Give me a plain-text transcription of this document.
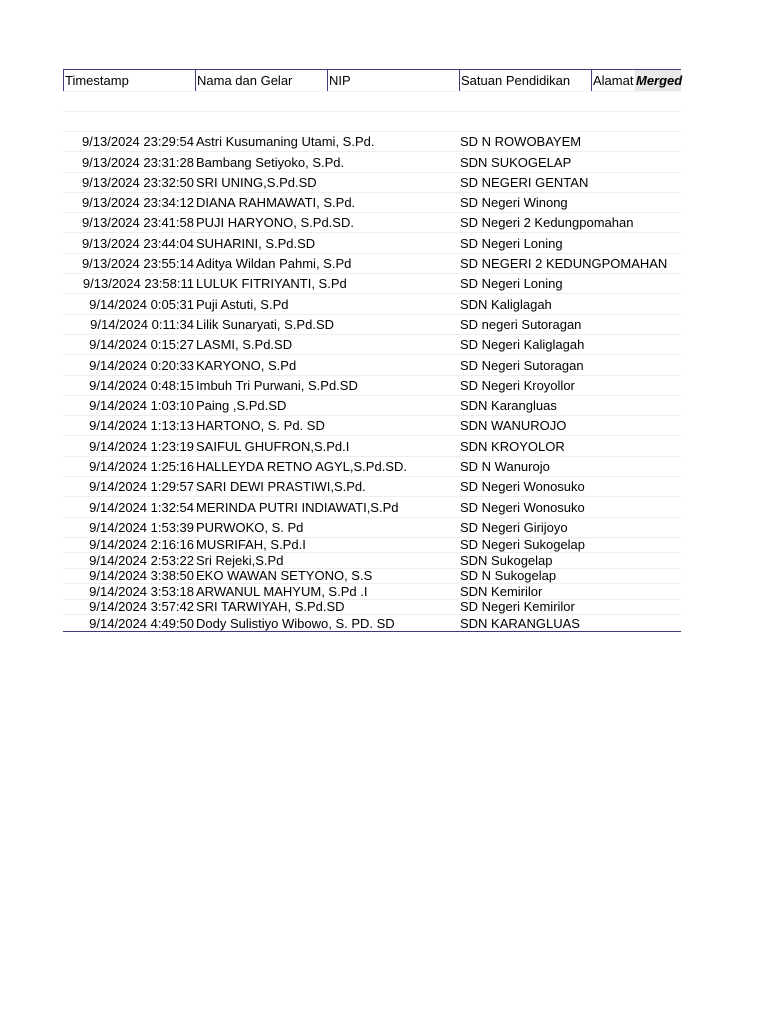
Timestamp	Nama dan Gelar	NIP	Satuan Pendidikan	Alamat Merged
9/13/2024 23:29:54 Astri Kusumaning Utami, S.Pd.	SD N ROWOBAYEM
9/13/2024 23:31:28 Bambang Setiyoko, S.Pd.	SDN SUKOGELAP
9/13/2024 23:32:50 SRI UNING,S.Pd.SD	SD NEGERI GENTAN
9/13/2024 23:34:12 DIANA RAHMAWATI, S.Pd.	SD Negeri Winong
9/13/2024 23:41:58 PUJI HARYONO, S.Pd.SD.	SD Negeri 2 Kedungpomahan
9/13/2024 23:44:04 SUHARINI, S.Pd.SD	SD Negeri Loning
9/13/2024 23:55:14 Aditya Wildan Pahmi, S.Pd	SD NEGERI 2 KEDUNGPOMAHAN
9/13/2024 23:58:11 LULUK FITRIYANTI, S.Pd	SD Negeri Loning
9/14/2024 0:05:31 Puji Astuti, S.Pd	SDN Kaliglagah
9/14/2024 0:11:34 Lilik Sunaryati, S.Pd.SD	SD negeri Sutoragan
9/14/2024 0:15:27 LASMI, S.Pd.SD	SD Negeri Kaliglagah
9/14/2024 0:20:33 KARYONO, S.Pd	SD Negeri Sutoragan
9/14/2024 0:48:15 Imbuh Tri Purwani, S.Pd.SD	SD Negeri Kroyollor
9/14/2024 1:03:10 Paing ,S.Pd.SD	SDN Karangluas
9/14/2024 1:13:13 HARTONO, S. Pd. SD	SDN WANUROJO
9/14/2024 1:23:19 SAIFUL GHUFRON,S.Pd.I	SDN KROYOLOR
9/14/2024 1:25:16 HALLEYDA RETNO AGYL,S.Pd.SD.	SD N Wanurojo
9/14/2024 1:29:57 SARI DEWI PRASTIWI,S.Pd.	SD Negeri Wonosuko
9/14/2024 1:32:54 MERINDA PUTRI INDIAWATI,S.Pd	SD Negeri Wonosuko
9/14/2024 1:53:39 PURWOKO, S. Pd	SD Negeri Girijoyo
9/14/2024 2:16:16 MUSRIFAH, S.Pd.I	SD Negeri Sukogelap
9/14/2024 2:53:22 Sri Rejeki,S.Pd	SDN Sukogelap
9/14/2024 3:38:50 EKO WAWAN SETYONO, S.S	SD N Sukogelap
9/14/2024 3:53:18 ARWANUL MAHYUM, S.Pd .I	SDN Kemirilor
9/14/2024 3:57:42 SRI TARWIYAH, S.Pd.SD	SD Negeri Kemirilor
9/14/2024 4:49:50 Dody Sulistiyo Wibowo, S. PD. SD	SDN KARANGLUAS
